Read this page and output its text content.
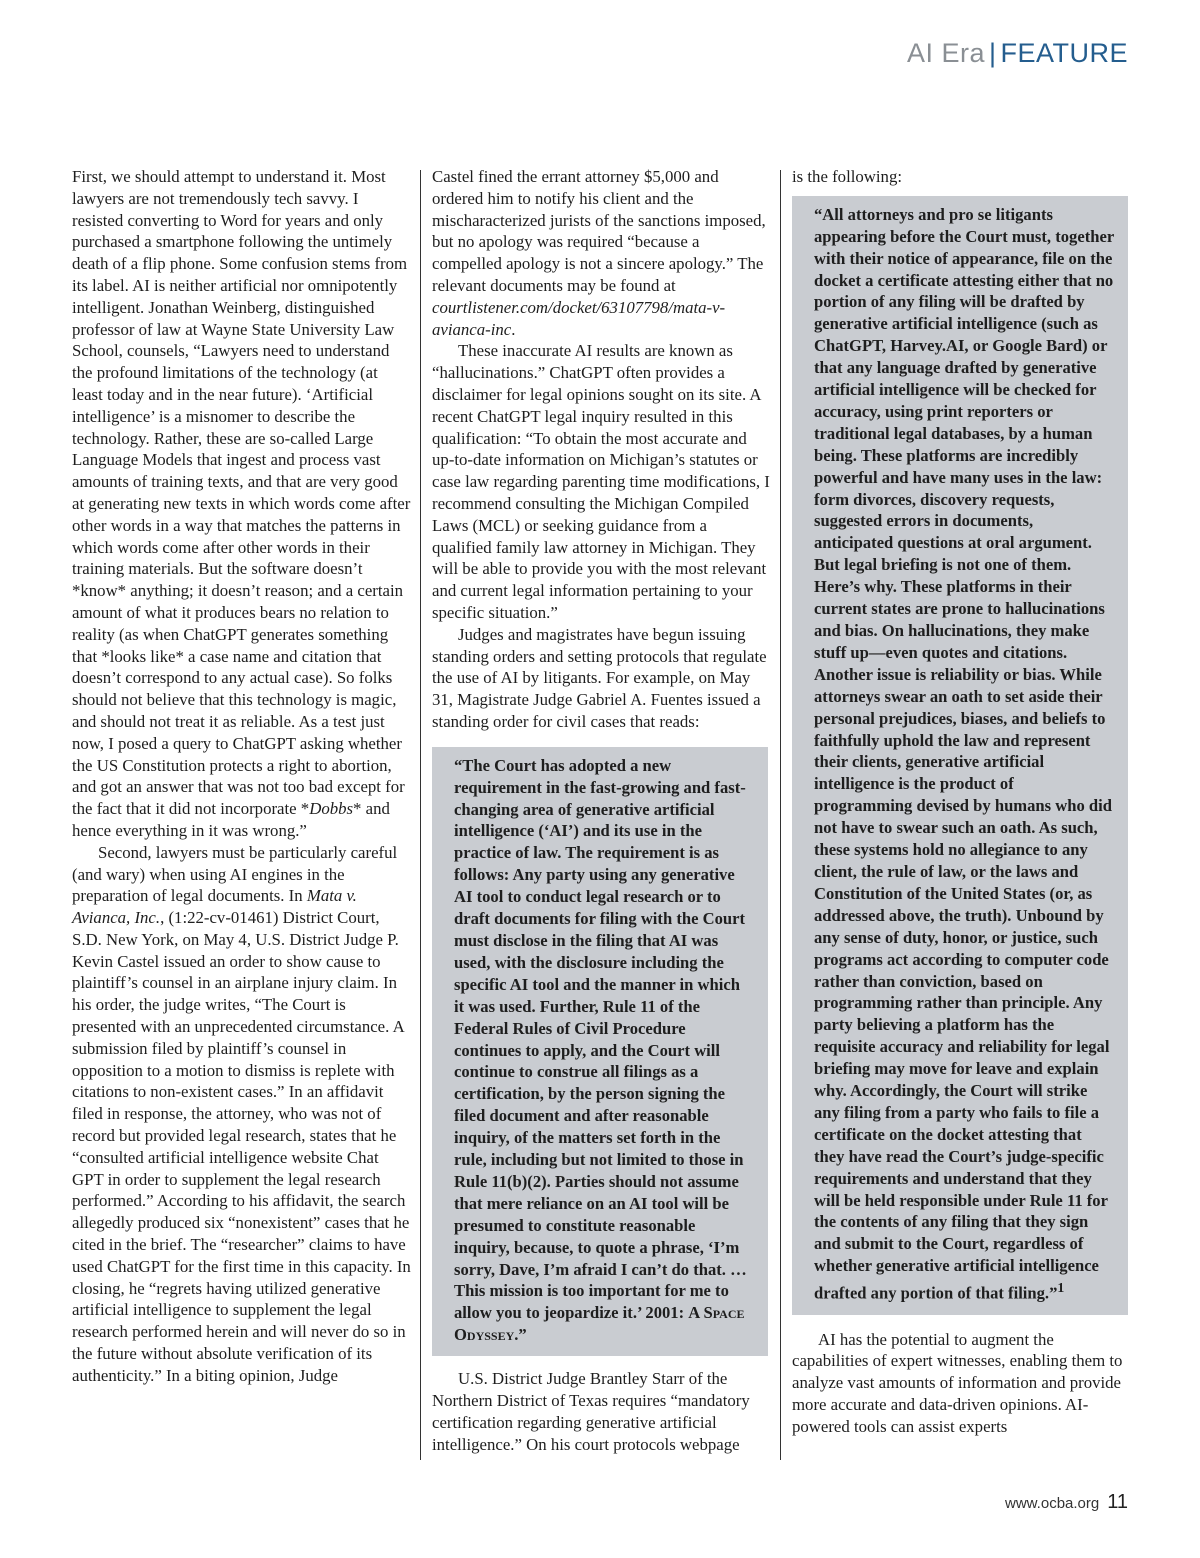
AI Era | FEATURE

First, we should attempt to understand it. Most lawyers are not tremendously tech savvy. I resisted converting to Word for years and only purchased a smartphone following the untimely death of a flip phone. Some confusion stems from its label. AI is neither artificial nor omnipotently intelligent. Jonathan Weinberg, distinguished professor of law at Wayne State University Law School, counsels, “Lawyers need to understand the profound limitations of the technology (at least today and in the near future). ‘Artificial intelligence’ is a misnomer to describe the technology. Rather, these are so-called Large Language Models that ingest and process vast amounts of training texts, and that are very good at generating new texts in which words come after other words in a way that matches the patterns in which words come after other words in their training materials. But the software doesn’t *know* anything; it doesn’t reason; and a certain amount of what it produces bears no relation to reality (as when ChatGPT generates something that *looks like* a case name and citation that doesn’t correspond to any actual case). So folks should not believe that this technology is magic, and should not treat it as reliable. As a test just now, I posed a query to ChatGPT asking whether the US Constitution protects a right to abortion, and got an answer that was not too bad except for the fact that it did not incorporate *Dobbs* and hence everything in it was wrong.”

Second, lawyers must be particularly careful (and wary) when using AI engines in the preparation of legal documents. In Mata v. Avianca, Inc., (1:22-cv-01461) District Court, S.D. New York, on May 4, U.S. District Judge P. Kevin Castel issued an order to show cause to plaintiff’s counsel in an airplane injury claim. In his order, the judge writes, “The Court is presented with an unprecedented circumstance. A submission filed by plaintiff’s counsel in opposition to a motion to dismiss is replete with citations to non-existent cases.” In an affidavit filed in response, the attorney, who was not of record but provided legal research, states that he “consulted artificial intelligence website Chat GPT in order to supplement the legal research performed.” According to his affidavit, the search allegedly produced six “nonexistent” cases that he cited in the brief. The “researcher” claims to have used ChatGPT for the first time in this capacity. In closing, he “regrets having utilized generative artificial intelligence to supplement the legal research performed herein and will never do so in the future without absolute verification of its authenticity.” In a biting opinion, Judge

Castel fined the errant attorney $5,000 and ordered him to notify his client and the mischaracterized jurists of the sanctions imposed, but no apology was required “because a compelled apology is not a sincere apology.” The relevant documents may be found at courtlistener.com/docket/63107798/mata-v-avianca-inc.

These inaccurate AI results are known as “hallucinations.” ChatGPT often provides a disclaimer for legal opinions sought on its site. A recent ChatGPT legal inquiry resulted in this qualification: “To obtain the most accurate and up-to-date information on Michigan’s statutes or case law regarding parenting time modifications, I recommend consulting the Michigan Compiled Laws (MCL) or seeking guidance from a qualified family law attorney in Michigan. They will be able to provide you with the most relevant and current legal information pertaining to your specific situation.”

Judges and magistrates have begun issuing standing orders and setting protocols that regulate the use of AI by litigants. For example, on May 31, Magistrate Judge Gabriel A. Fuentes issued a standing order for civil cases that reads:

“The Court has adopted a new requirement in the fast-growing and fast-changing area of generative artificial intelligence (‘AI’) and its use in the practice of law. The requirement is as follows: Any party using any generative AI tool to conduct legal research or to draft documents for filing with the Court must disclose in the filing that AI was used, with the disclosure including the specific AI tool and the manner in which it was used. Further, Rule 11 of the Federal Rules of Civil Procedure continues to apply, and the Court will continue to construe all filings as a certification, by the person signing the filed document and after reasonable inquiry, of the matters set forth in the rule, including but not limited to those in Rule 11(b)(2). Parties should not assume that mere reliance on an AI tool will be presumed to constitute reasonable inquiry, because, to quote a phrase, ‘I’m sorry, Dave, I’m afraid I can’t do that. … This mission is too important for me to allow you to jeopardize it.’ 2001: A Space Odyssey.”

U.S. District Judge Brantley Starr of the Northern District of Texas requires “mandatory certification regarding generative artificial intelligence.” On his court protocols webpage

is the following:

“All attorneys and pro se litigants appearing before the Court must, together with their notice of appearance, file on the docket a certificate attesting either that no portion of any filing will be drafted by generative artificial intelligence (such as ChatGPT, Harvey.AI, or Google Bard) or that any language drafted by generative artificial intelligence will be checked for accuracy, using print reporters or traditional legal databases, by a human being. These platforms are incredibly powerful and have many uses in the law: form divorces, discovery requests, suggested errors in documents, anticipated questions at oral argument. But legal briefing is not one of them. Here’s why. These platforms in their current states are prone to hallucinations and bias. On hallucinations, they make stuff up—even quotes and citations. Another issue is reliability or bias. While attorneys swear an oath to set aside their personal prejudices, biases, and beliefs to faithfully uphold the law and represent their clients, generative artificial intelligence is the product of programming devised by humans who did not have to swear such an oath. As such, these systems hold no allegiance to any client, the rule of law, or the laws and Constitution of the United States (or, as addressed above, the truth). Unbound by any sense of duty, honor, or justice, such programs act according to computer code rather than conviction, based on programming rather than principle. Any party believing a platform has the requisite accuracy and reliability for legal briefing may move for leave and explain why. Accordingly, the Court will strike any filing from a party who fails to file a certificate on the docket attesting that they have read the Court’s judge-specific requirements and understand that they will be held responsible under Rule 11 for the contents of any filing that they sign and submit to the Court, regardless of whether generative artificial intelligence drafted any portion of that filing.”$^1$

AI has the potential to augment the capabilities of expert witnesses, enabling them to analyze vast amounts of information and provide more accurate and data-driven opinions. AI-powered tools can assist experts

www.ocba.org 11
